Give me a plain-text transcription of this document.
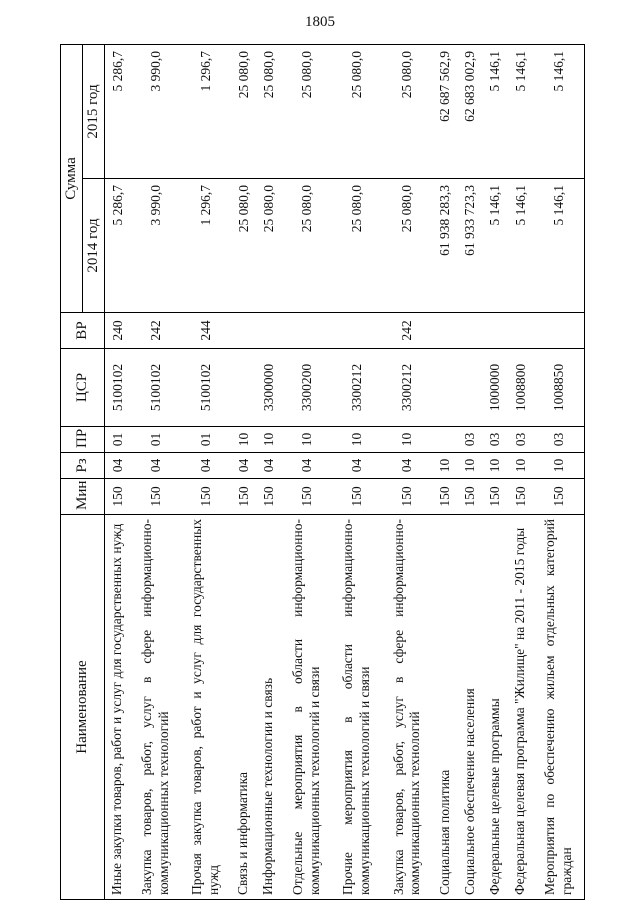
1805
Наименование	Мин	Рз	ПР	ЦСР	ВР	Сумма	
						2014 год	2015 год
Иные закупки товаров, работ и услуг для государственных нужд	150	04	01	5100102	240	5 286,7	5 286,7
Закупка товаров, работ, услуг в сфере информационно-коммуникационных технологий	150	04	01	5100102	242	3 990,0	3 990,0
Прочая закупка товаров, работ и услуг для государственных нужд	150	04	01	5100102	244	1 296,7	1 296,7
Связь и информатика	150	04	10			25 080,0	25 080,0
Информационные технологии и связь	150	04	10	3300000		25 080,0	25 080,0
Отдельные мероприятия в области информационно-коммуникационных технологий и связи	150	04	10	3300200		25 080,0	25 080,0
Прочие мероприятия в области информационно-коммуникационных технологий и связи	150	04	10	3300212		25 080,0	25 080,0
Закупка товаров, работ, услуг в сфере информационно-коммуникационных технологий	150	04	10	3300212	242	25 080,0	25 080,0
Социальная политика	150	10				61 938 283,3	62 687 562,9
Социальное обеспечение населения	150	10	03			61 933 723,3	62 683 002,9
Федеральные целевые программы	150	10	03	1000000		5 146,1	5 146,1
Федеральная целевая программа "Жилище" на 2011 - 2015 годы	150	10	03	1008800		5 146,1	5 146,1
Мероприятия по обеспечению жильем отдельных категорий граждан	150	10	03	1008850		5 146,1	5 146,1
